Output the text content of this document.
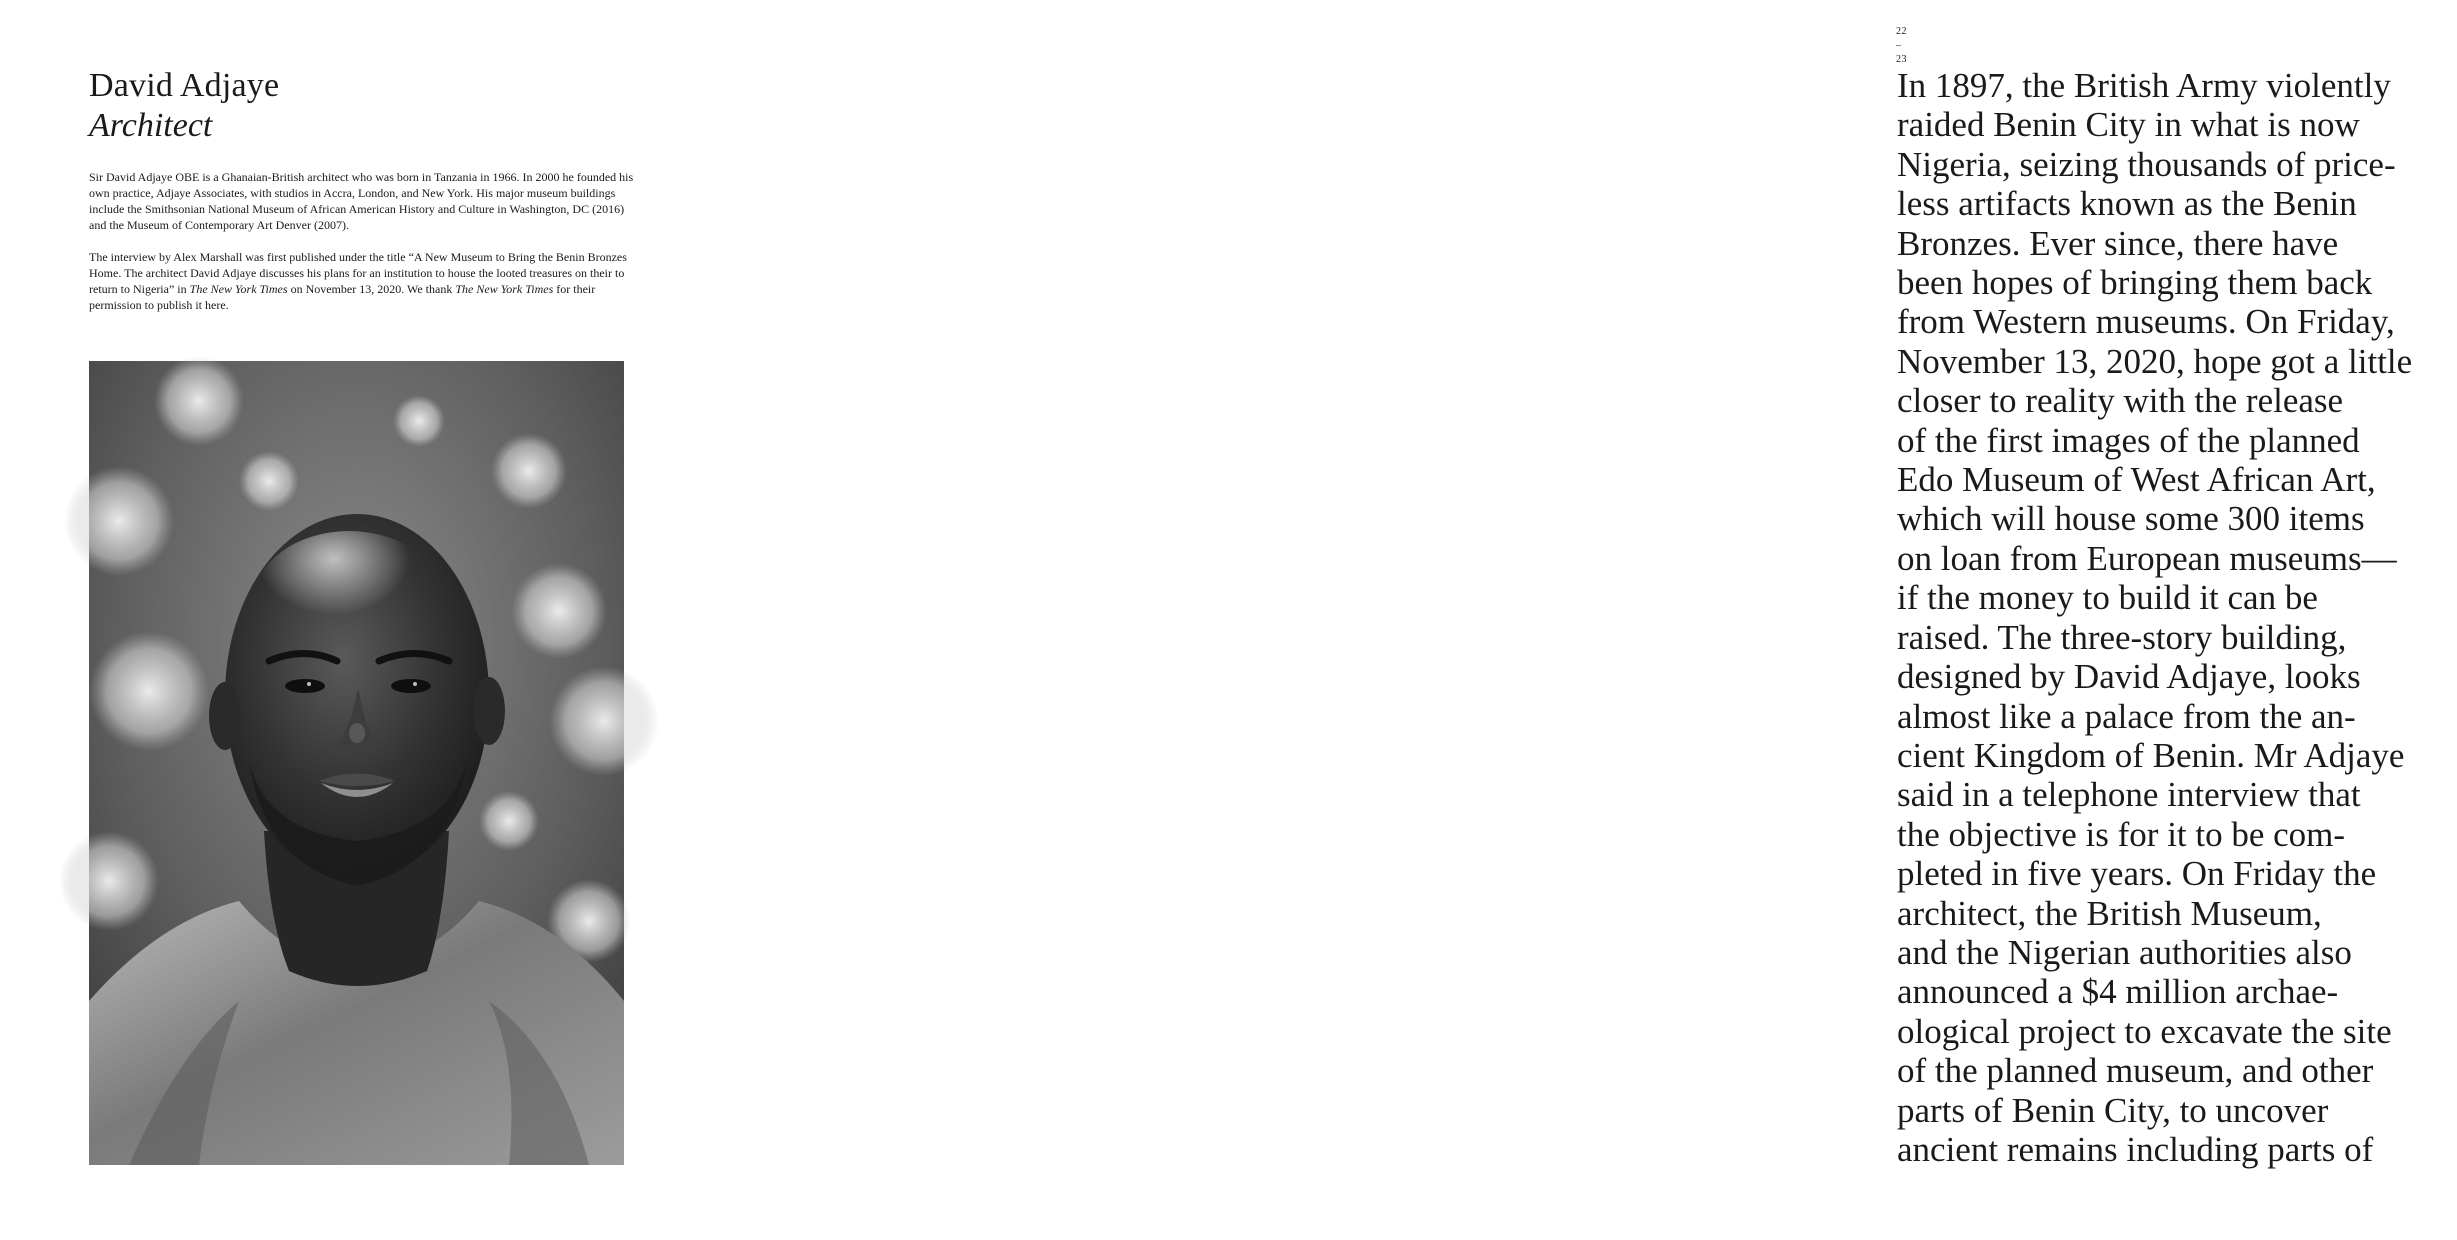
David Adjaye
Architect

Sir David Adjaye OBE is a Ghanaian-British architect who was born in Tanzania in 1966. In 2000 he founded his own practice, Adjaye Associates, with studios in Accra, London, and New York. His major museum buildings include the Smithsonian National Museum of African American History and Culture in Washington, DC (2016) and the Museum of Contemporary Art Denver (2007).

The interview by Alex Marshall was first published under the title “A New Museum to Bring the Benin Bronzes Home. The architect David Adjaye discusses his plans for an institution to house the looted treasures on their to return to Nigeria” in The New York Times on November 13, 2020. We thank The New York Times for their permission to publish it here.

22 – 23

In 1897, the British Army violently
raided Benin City in what is now
Nigeria, seizing thousands of price-
less artifacts known as the Benin
Bronzes. Ever since, there have
been hopes of bringing them back
from Western museums. On Friday,
November 13, 2020, hope got a little
closer to reality with the release
of the first images of the planned
Edo Museum of West African Art,
which will house some 300 items
on loan from European museums—
if the money to build it can be
raised. The three-story building,
designed by David Adjaye, looks
almost like a palace from the an-
cient Kingdom of Benin. Mr Adjaye
said in a telephone interview that
the objective is for it to be com-
pleted in five years. On Friday the
architect, the British Museum,
and the Nigerian authorities also
announced a $4 million archae-
ological project to excavate the site
of the planned museum, and other
parts of Benin City, to uncover
ancient remains including parts of
